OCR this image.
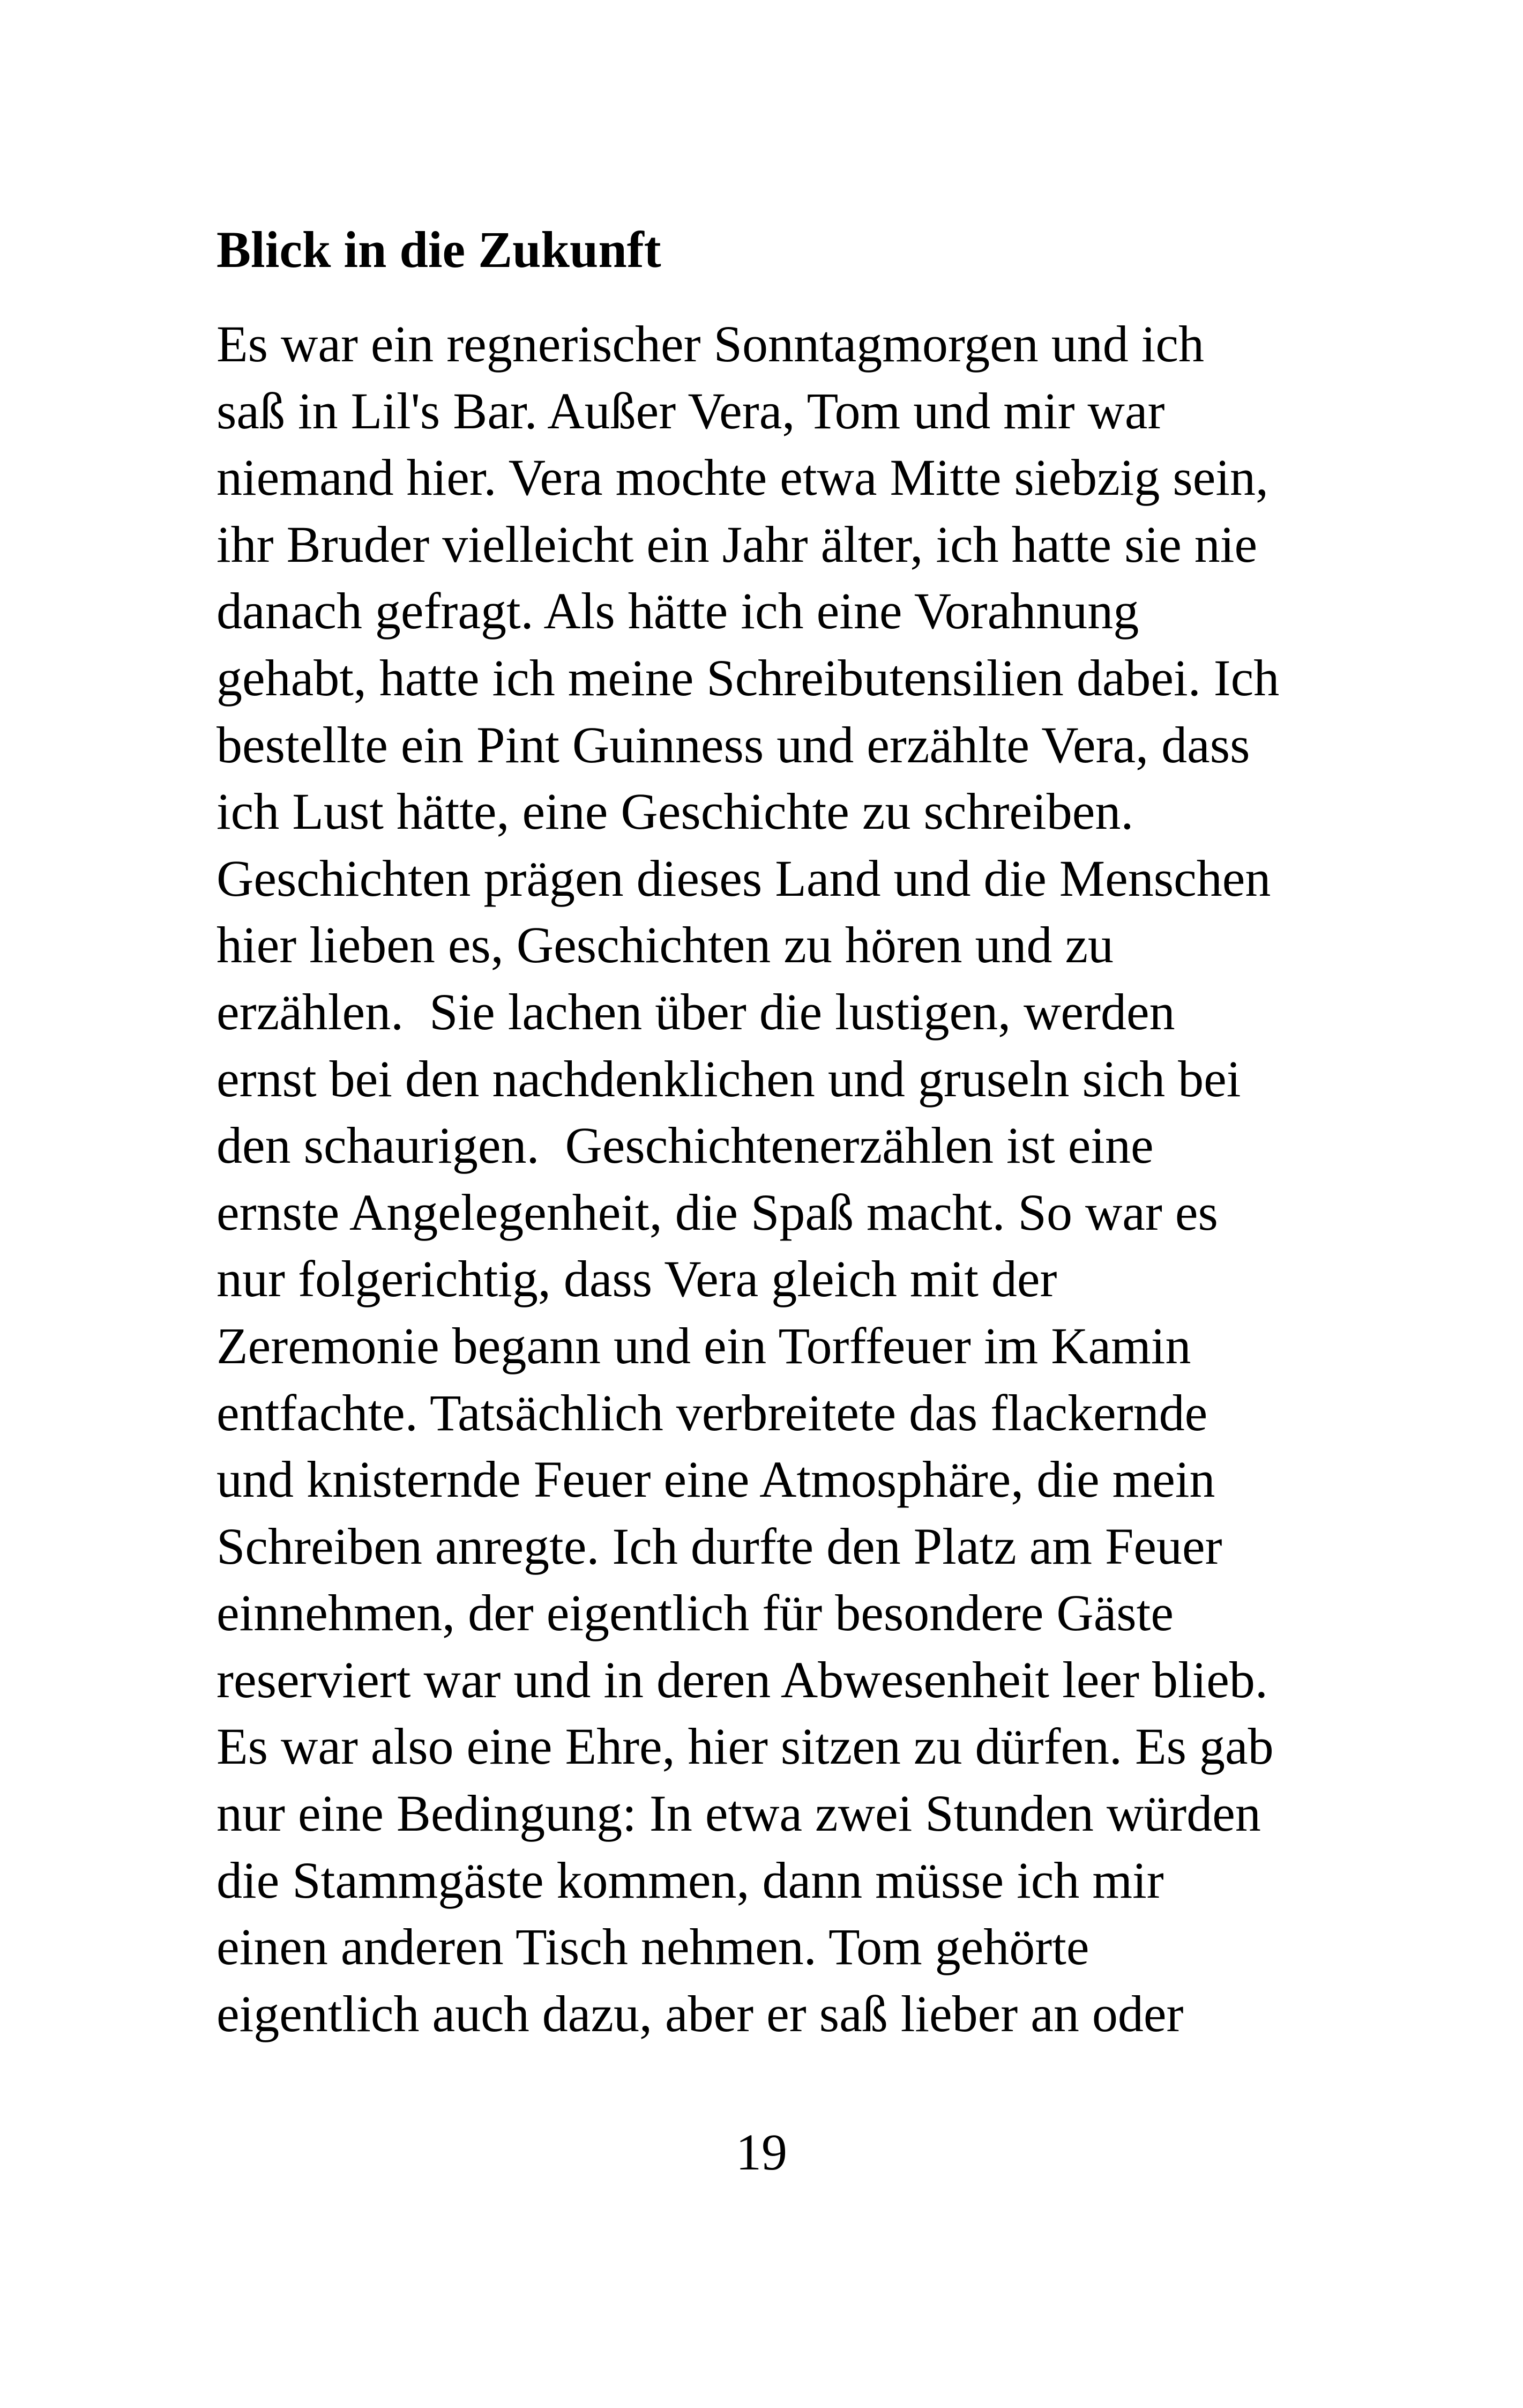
Blick in die Zukunft
Es war ein regnerischer Sonntagmorgen und ich
saß in Lil's Bar. Außer Vera, Tom und mir war
niemand hier. Vera mochte etwa Mitte siebzig sein,
ihr Bruder vielleicht ein Jahr älter, ich hatte sie nie
danach gefragt. Als hätte ich eine Vorahnung
gehabt, hatte ich meine Schreibutensilien dabei. Ich
bestellte ein Pint Guinness und erzählte Vera, dass
ich Lust hätte, eine Geschichte zu schreiben.
Geschichten prägen dieses Land und die Menschen
hier lieben es, Geschichten zu hören und zu
erzählen.  Sie lachen über die lustigen, werden
ernst bei den nachdenklichen und gruseln sich bei
den schaurigen.  Geschichtenerzählen ist eine
ernste Angelegenheit, die Spaß macht. So war es
nur folgerichtig, dass Vera gleich mit der
Zeremonie begann und ein Torffeuer im Kamin
entfachte. Tatsächlich verbreitete das flackernde
und knisternde Feuer eine Atmosphäre, die mein
Schreiben anregte. Ich durfte den Platz am Feuer
einnehmen, der eigentlich für besondere Gäste
reserviert war und in deren Abwesenheit leer blieb.
Es war also eine Ehre, hier sitzen zu dürfen. Es gab
nur eine Bedingung: In etwa zwei Stunden würden
die Stammgäste kommen, dann müsse ich mir
einen anderen Tisch nehmen. Tom gehörte
eigentlich auch dazu, aber er saß lieber an oder
19
